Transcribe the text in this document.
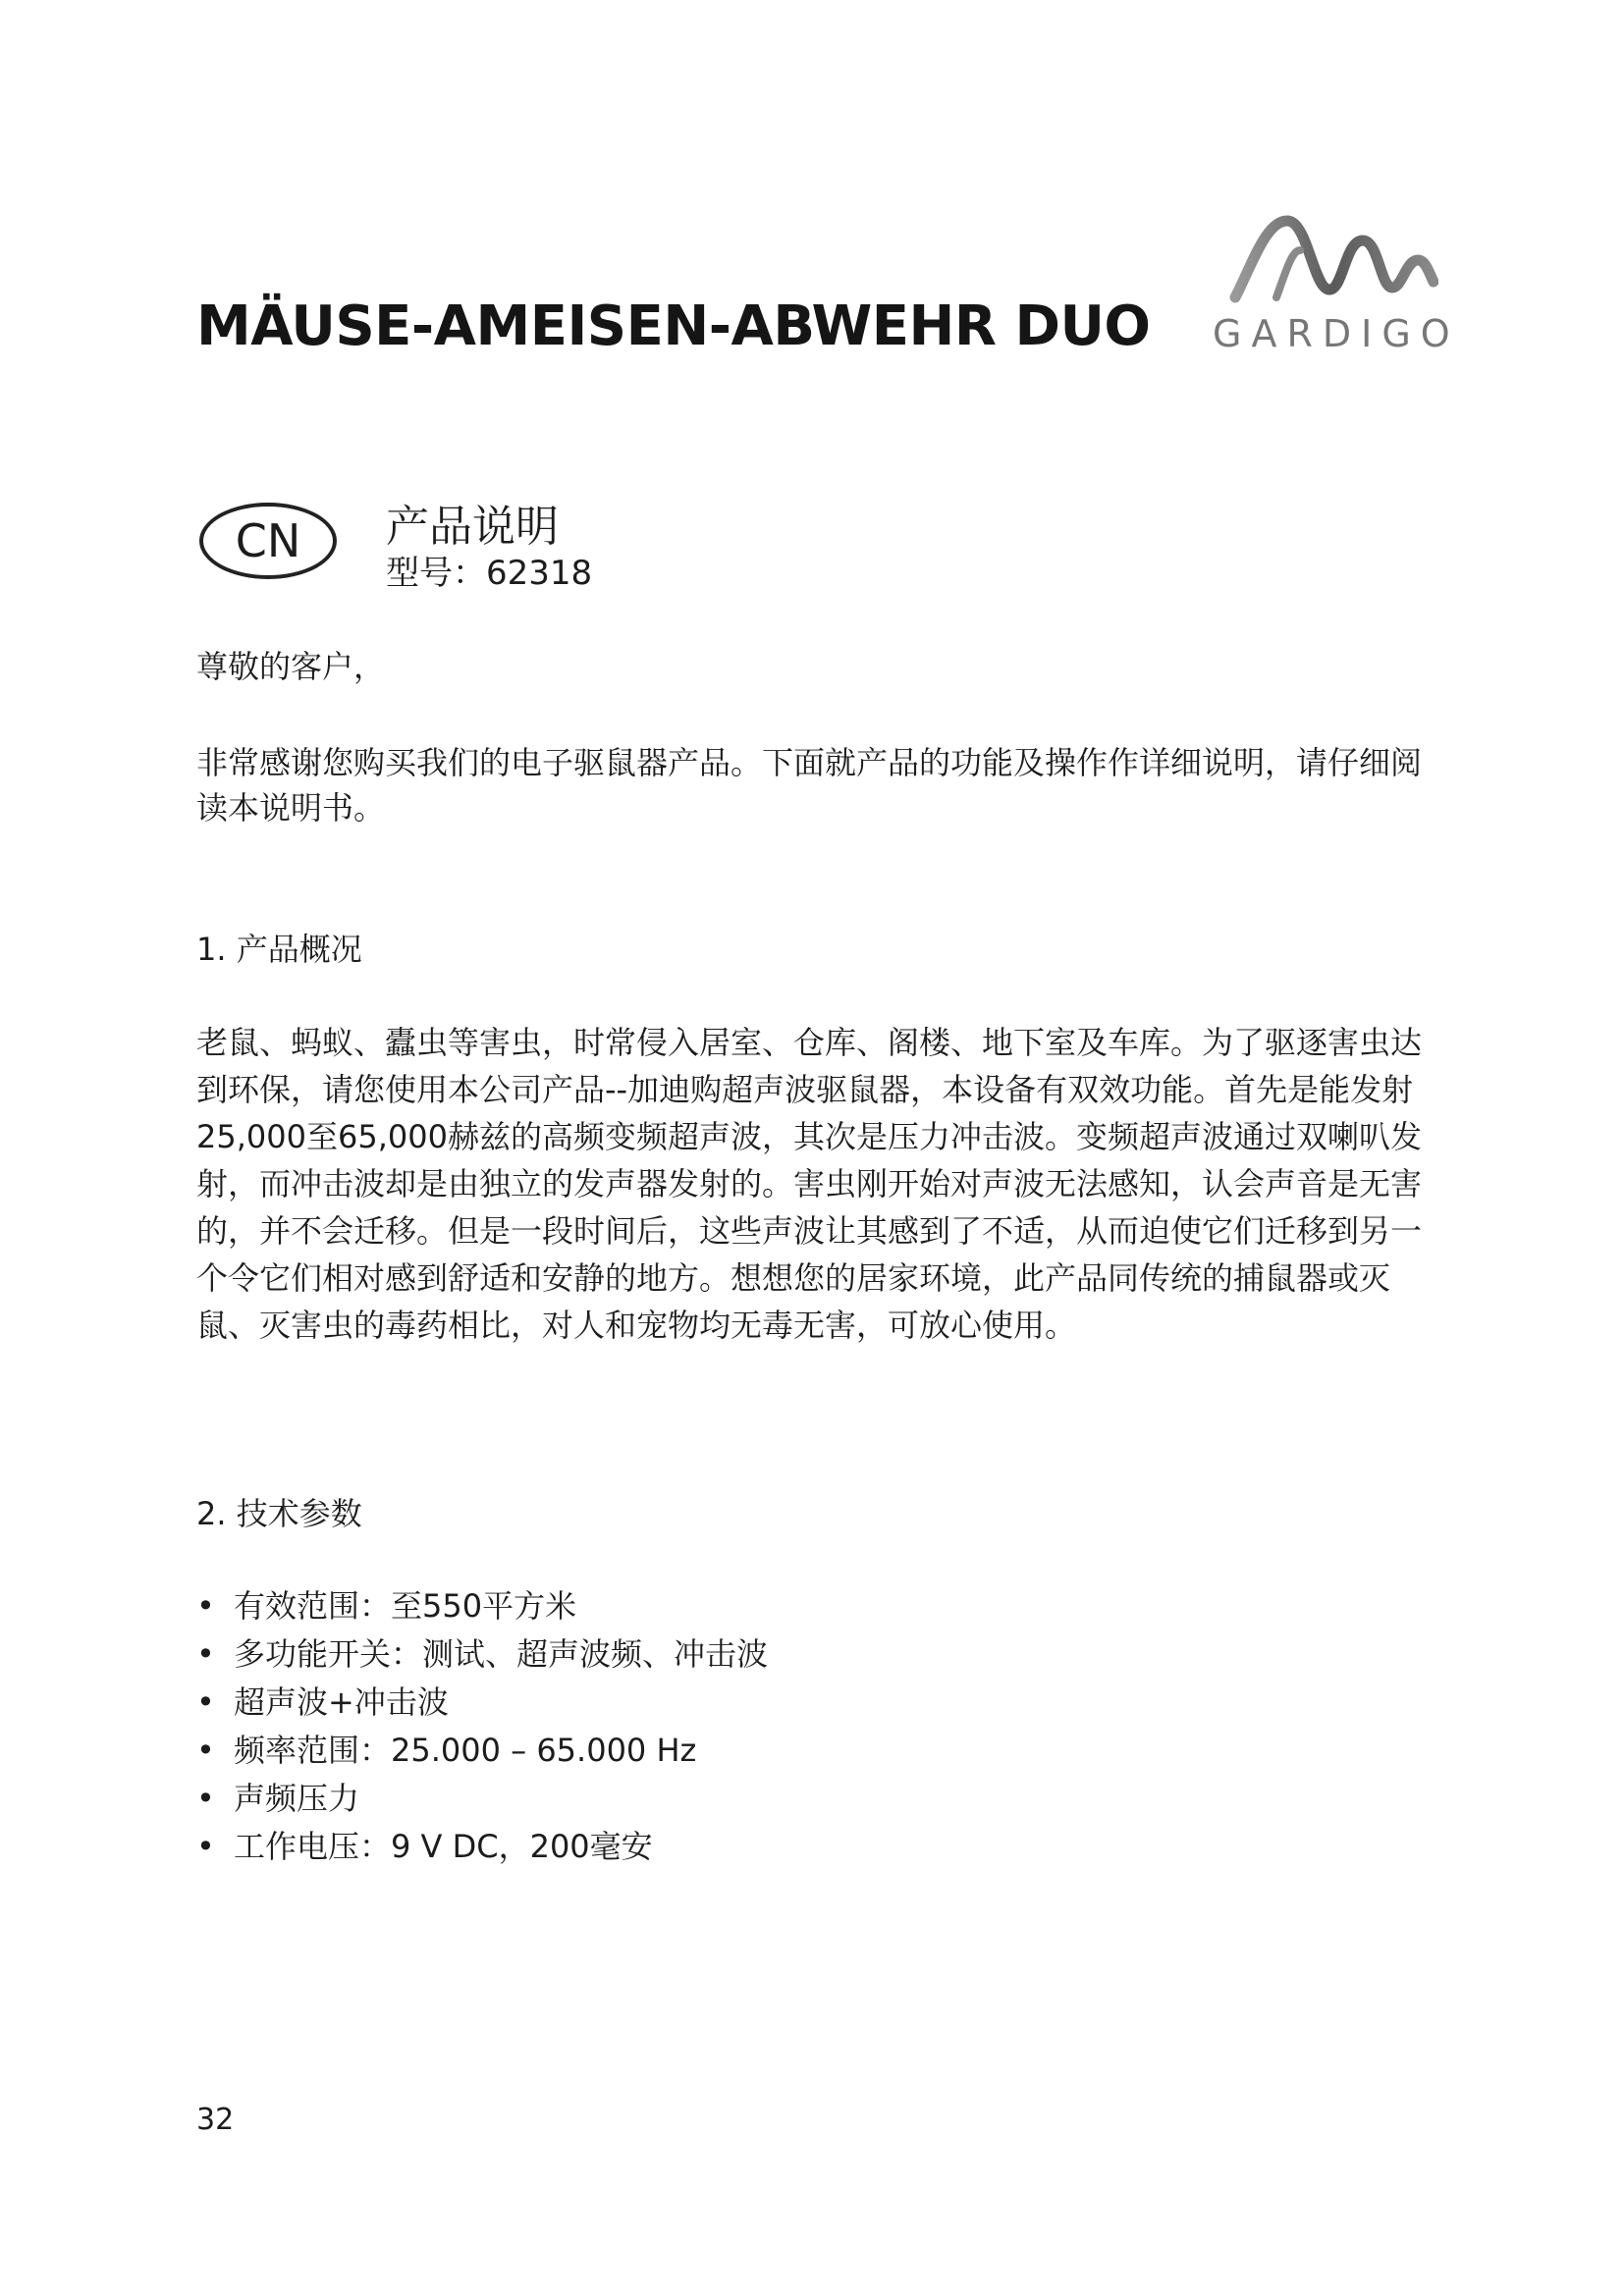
MÄUSE-AMEISEN-ABWEHR DUO GARDIGO
CN	产品说明
型号：62318
尊敬的客户，
非常感谢您购买我们的电子驱鼠器产品。下面就产品的功能及操作作详细说明，请仔细阅读本说明书。
1. 产品概况
老鼠、蚂蚁、蠹虫等害虫，时常侵入居室、仓库、阁楼、地下室及车库。为了驱逐害虫达到环保，请您使用本公司产品--加迪购超声波驱鼠器，本设备有双效功能。首先是能发射25,000至65,000赫兹的高频变频超声波，其次是压力冲击波。变频超声波通过双喇叭发射，而冲击波却是由独立的发声器发射的。害虫刚开始对声波无法感知，认会声音是无害的，并不会迁移。但是一段时间后，这些声波让其感到了不适，从而迫使它们迁移到另一个令它们相对感到舒适和安静的地方。想想您的居家环境，此产品同传统的捕鼠器或灭鼠、灭害虫的毒药相比，对人和宠物均无毒无害，可放心使用。
2. 技术参数
• 有效范围：至550平方米
• 多功能开关：测试、超声波频、冲击波
• 超声波+冲击波
• 频率范围：25.000 – 65.000 Hz
• 声频压力
• 工作电压：9 V DC，200毫安
32
